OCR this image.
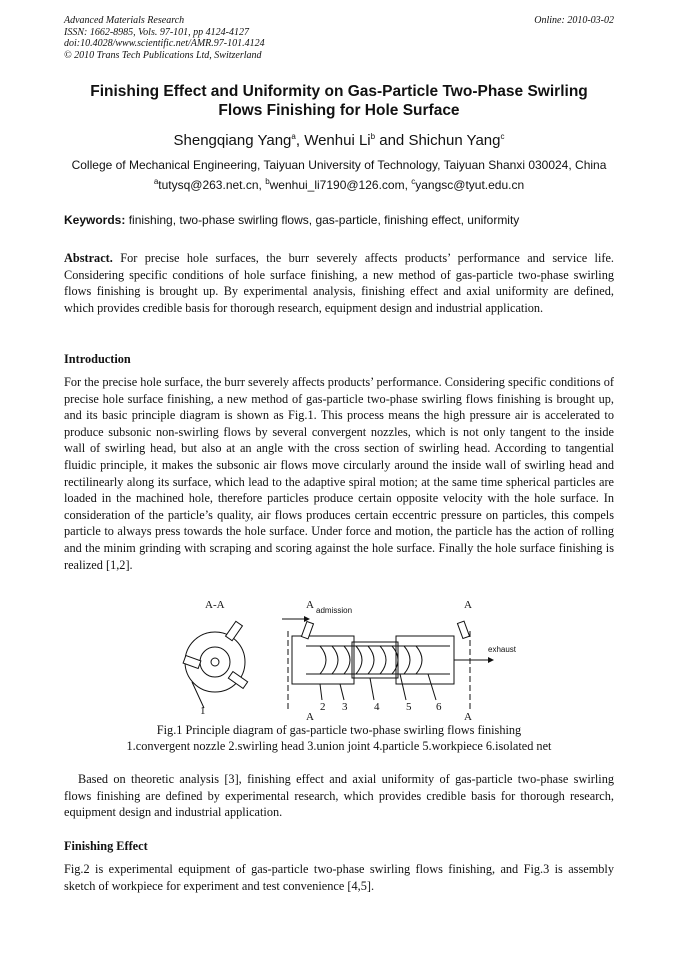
Advanced Materials Research
ISSN: 1662-8985, Vols. 97-101, pp 4124-4127
doi:10.4028/www.scientific.net/AMR.97-101.4124
© 2010 Trans Tech Publications Ltd, Switzerland
Online: 2010-03-02
Finishing Effect and Uniformity on Gas-Particle Two-Phase Swirling
Flows Finishing for Hole Surface
Shengqiang Yang$^a$, Wenhui Li$^b$ and Shichun Yang$^c$
College of Mechanical Engineering, Taiyuan University of Technology, Taiyuan Shanxi 030024, China
$^a$tutysq@263.net.cn, $^b$wenhui_li7190@126.com, $^c$yangsc@tyut.edu.cn
Keywords: finishing, two-phase swirling flows, gas-particle, finishing effect, uniformity
Abstract. For precise hole surfaces, the burr severely affects products’ performance and service life. Considering specific conditions of hole surface finishing, a new method of gas-particle two-phase swirling flows finishing is brought up. By experimental analysis, finishing effect and axial uniformity are defined, which provides credible basis for thorough research, equipment design and industrial application.
Introduction
For the precise hole surface, the burr severely affects products’ performance. Considering specific conditions of precise hole surface finishing, a new method of gas-particle two-phase swirling flows finishing is brought up, and its basic principle diagram is shown as Fig.1. This process means the high pressure air is accelerated to produce subsonic non-swirling flows by several convergent nozzles, which is not only tangent to the inside wall of swirling head, but also at an angle with the cross section of swirling head. According to tangential fluidic principle, it makes the subsonic air flows move circularly around the inside wall of swirling head and rectilinearly along its surface, which lead to the adaptive spiral motion; at the same time spherical particles are loaded in the machined hole, therefore particles produce certain opposite velocity with the hole surface. In consideration of the particle’s quality, air flows produces certain eccentric pressure on particles, this compels particle to always press towards the hole surface. Under force and motion, the particle has the action of rolling and the minim grinding with scraping and scoring against the hole surface. Finally the hole surface finishing is realized [1,2].
A-A	A	A
A	A
1	2 3 4 5 6
admission
exhaust
Fig.1 Principle diagram of gas-particle two-phase swirling flows finishing
1.convergent nozzle 2.swirling head 3.union joint 4.particle 5.workpiece 6.isolated net
Based on theoretic analysis [3], finishing effect and axial uniformity of gas-particle two-phase swirling flows finishing are defined by experimental research, which provides credible basis for thorough research, equipment design and industrial application.
Finishing Effect
Fig.2 is experimental equipment of gas-particle two-phase swirling flows finishing, and Fig.3 is assembly sketch of workpiece for experiment and test convenience [4,5].
